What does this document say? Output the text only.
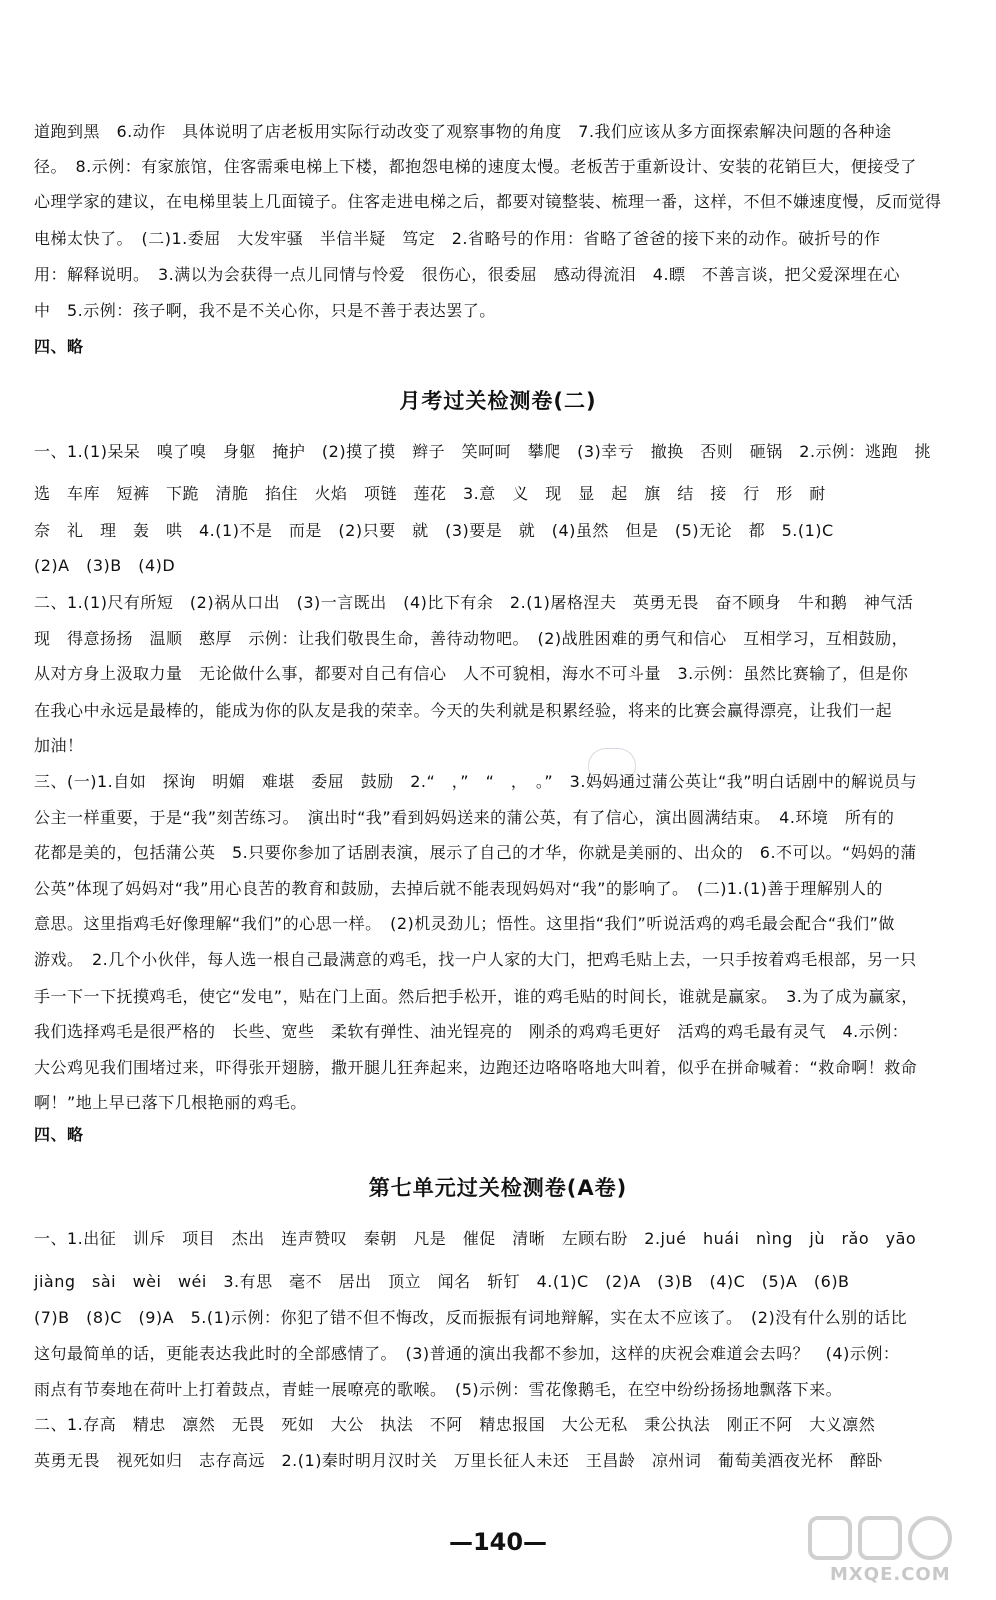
道跑到黑　6.动作　具体说明了店老板用实际行动改变了观察事物的角度　7.我们应该从多方面探索解决问题的各种途
径。　8.示例：有家旅馆，住客需乘电梯上下楼，都抱怨电梯的速度太慢。老板苦于重新设计、安装的花销巨大，便接受了
心理学家的建议，在电梯里装上几面镜子。住客走进电梯之后，都要对镜整装、梳理一番，这样，不但不嫌速度慢，反而觉得
电梯太快了。　(二)1.委屈　大发牢骚　半信半疑　笃定　2.省略号的作用：省略了爸爸的接下来的动作。破折号的作
用：解释说明。　3.满以为会获得一点儿同情与怜爱　很伤心，很委屈　感动得流泪　4.瞟　不善言谈，把父爱深埋在心
中　5.示例：孩子啊，我不是不关心你，只是不善于表达罢了。
四、略
月考过关检测卷(二)
一、1.(1)呆呆　嗅了嗅　身躯　掩护　(2)摸了摸　辫子　笑呵呵　攀爬　(3)幸亏　撤换　否则　砸锅　2.示例：逃跑　挑
选　车库　短裤　下跪　清脆　掐住　火焰　项链　莲花　3.意　义　现　显　起　旗　结　接　行　形　耐
奈　礼　理　轰　哄　4.(1)不是　而是　(2)只要　就　(3)要是　就　(4)虽然　但是　(5)无论　都　5.(1)C
(2)A　(3)B　(4)D
二、1.(1)尺有所短　(2)祸从口出　(3)一言既出　(4)比下有余　2.(1)屠格涅夫　英勇无畏　奋不顾身　牛和鹅　神气活
现　得意扬扬　温顺　憨厚　示例：让我们敬畏生命，善待动物吧。　(2)战胜困难的勇气和信心　互相学习，互相鼓励，
从对方身上汲取力量　无论做什么事，都要对自己有信心　人不可貌相，海水不可斗量　3.示例：虽然比赛输了，但是你
在我心中永远是最棒的，能成为你的队友是我的荣幸。今天的失利就是积累经验，将来的比赛会赢得漂亮，让我们一起
加油！
三、(一)1.自如　探询　明媚　难堪　委屈　鼓励　2.“　，”　“　，　。”　3.妈妈通过蒲公英让“我”明白话剧中的解说员与
公主一样重要，于是“我”刻苦练习。　演出时“我”看到妈妈送来的蒲公英，有了信心，演出圆满结束。　4.环境　所有的
花都是美的，包括蒲公英　5.只要你参加了话剧表演，展示了自己的才华，你就是美丽的、出众的　6.不可以。“妈妈的蒲
公英”体现了妈妈对“我”用心良苦的教育和鼓励，去掉后就不能表现妈妈对“我”的影响了。　(二)1.(1)善于理解别人的
意思。这里指鸡毛好像理解“我们”的心思一样。　(2)机灵劲儿；悟性。这里指“我们”听说活鸡的鸡毛最会配合“我们”做
游戏。　2.几个小伙伴，每人选一根自己最满意的鸡毛，找一户人家的大门，把鸡毛贴上去，一只手按着鸡毛根部，另一只
手一下一下抚摸鸡毛，使它“发电”，贴在门上面。然后把手松开，谁的鸡毛贴的时间长，谁就是赢家。　3.为了成为赢家，
我们选择鸡毛是很严格的　长些、宽些　柔软有弹性、油光锃亮的　刚杀的鸡鸡毛更好　活鸡的鸡毛最有灵气　4.示例：
大公鸡见我们围堵过来，吓得张开翅膀，撒开腿儿狂奔起来，边跑还边咯咯咯地大叫着，似乎在拼命喊着：“救命啊！救命
啊！”地上早已落下几根艳丽的鸡毛。
四、略
第七单元过关检测卷(A卷)
一、1.出征　训斥　项目　杰出　连声赞叹　秦朝　凡是　催促　清晰　左顾右盼　2.jué　huái　nìng　jù　rǎo　yāo
jiàng　sài　wèi　wéi　3.有思　毫不　居出　顶立　闻名　斩钉　4.(1)C　(2)A　(3)B　(4)C　(5)A　(6)B
(7)B　(8)C　(9)A　5.(1)示例：你犯了错不但不悔改，反而振振有词地辩解，实在太不应该了。　(2)没有什么别的话比
这句最简单的话，更能表达我此时的全部感情了。　(3)普通的演出我都不参加，这样的庆祝会难道会去吗？　(4)示例：
雨点有节奏地在荷叶上打着鼓点，青蛙一展嘹亮的歌喉。　(5)示例：雪花像鹅毛，在空中纷纷扬扬地飘落下来。
二、1.存高　精忠　凛然　无畏　死如　大公　执法　不阿　精忠报国　大公无私　秉公执法　刚正不阿　大义凛然
英勇无畏　视死如归　志存高远　2.(1)秦时明月汉时关　万里长征人未还　王昌龄　凉州词　葡萄美酒夜光杯　醉卧
—140—
MXQE.COM
